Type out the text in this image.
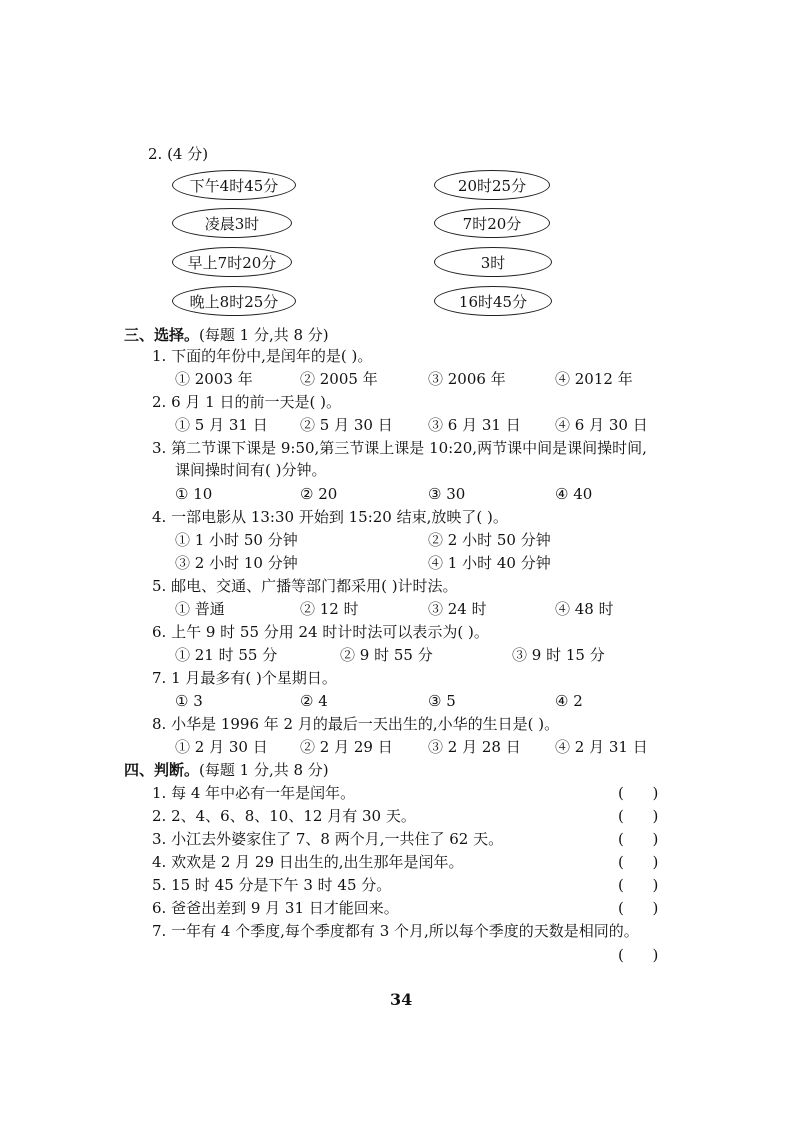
2. (4 分)
下午4时45分
凌晨3时
早上7时20分
晚上8时25分
20时25分
7时20分
3时
16时45分
三、选择。(每题 1 分,共 8 分)
1. 下面的年份中,是闰年的是( )。
① 2003 年	② 2005 年	③ 2006 年	④ 2012 年
2. 6 月 1 日的前一天是( )。
① 5 月 31 日 ② 5 月 30 日 ③ 6 月 31 日 ④ 6 月 30 日
3. 第二节课下课是 9:50,第三节课上课是 10:20,两节课中间是课间操时间,
课间操时间有( )分钟。
① 10	② 20	③ 30	④ 40
4. 一部电影从 13:30 开始到 15:20 结束,放映了( )。
① 1 小时 50 分钟	② 2 小时 50 分钟
③ 2 小时 10 分钟	④ 1 小时 40 分钟
5. 邮电、交通、广播等部门都采用( )计时法。
① 普通	② 12 时	③ 24 时	④ 48 时
6. 上午 9 时 55 分用 24 时计时法可以表示为( )。
① 21 时 55 分	② 9 时 55 分	③ 9 时 15 分
7. 1 月最多有( )个星期日。
① 3	② 4	③ 5	④ 2
8. 小华是 1996 年 2 月的最后一天出生的,小华的生日是( )。
① 2 月 30 日 ② 2 月 29 日 ③ 2 月 28 日 ④ 2 月 31 日
四、判断。(每题 1 分,共 8 分)
1. 每 4 年中必有一年是闰年。	(      )
2. 2、4、6、8、10、12 月有 30 天。	(      )
3. 小江去外婆家住了 7、8 两个月,一共住了 62 天。	(      )
4. 欢欢是 2 月 29 日出生的,出生那年是闰年。	(      )
5. 15 时 45 分是下午 3 时 45 分。	(      )
6. 爸爸出差到 9 月 31 日才能回来。	(      )
7. 一年有 4 个季度,每个季度都有 3 个月,所以每个季度的天数是相同的。
(      )
34
